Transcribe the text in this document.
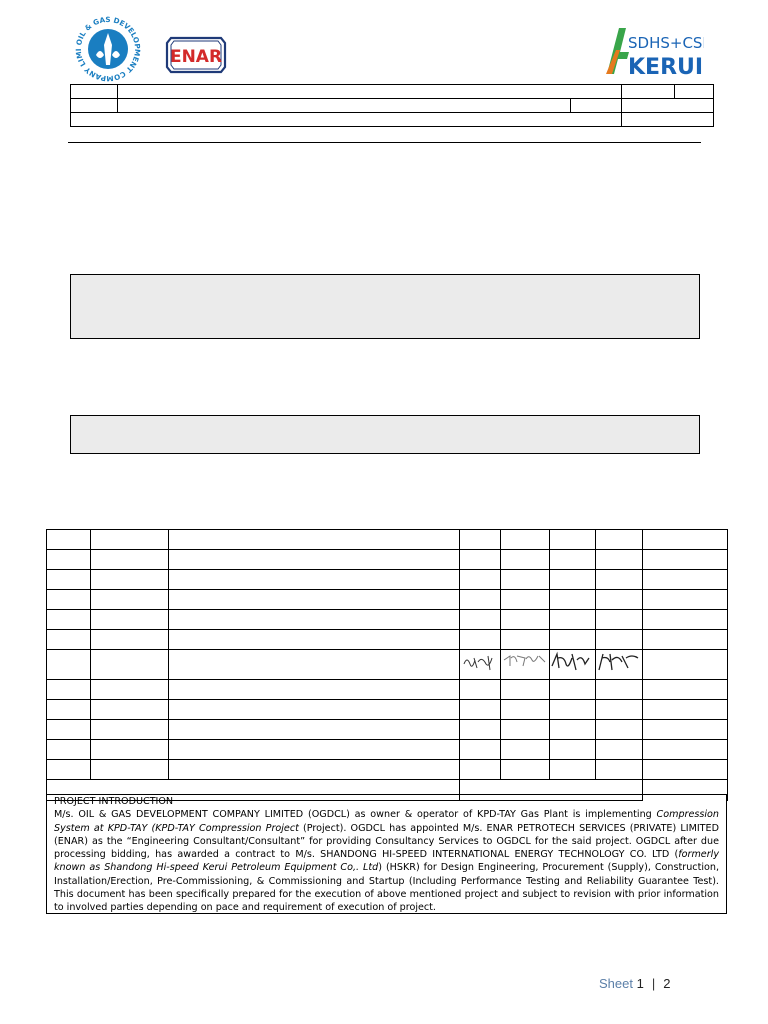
OIL & GAS DEVELOPMENT COMPANY LIMI	ENAR
SDHS+CSI
KERUI

PROJECT INTRODUCTION
M/s. OIL & GAS DEVELOPMENT COMPANY LIMITED (OGDCL) as owner & operator of KPD-TAY Gas Plant is implementing Compression System at KPD-TAY (KPD-TAY Compression Project (Project). OGDCL has appointed M/s. ENAR PETROTECH SERVICES (PRIVATE) LIMITED (ENAR) as the “Engineering Consultant/Consultant” for providing Consultancy Services to OGDCL for the said project. OGDCL after due processing bidding, has awarded a contract to M/s. SHANDONG HI-SPEED INTERNATIONAL ENERGY TECHNOLOGY CO. LTD (formerly known as Shandong Hi-speed Kerui Petroleum Equipment Co,. Ltd) (HSKR) for Design Engineering, Procurement (Supply), Construction, Installation/Erection, Pre-Commissioning, & Commissioning and Startup (Including Performance Testing and Reliability Guarantee Test). This document has been specifically prepared for the execution of above mentioned project and subject to revision with prior information to involved parties depending on pace and requirement of execution of project.
Sheet 1 | 2
